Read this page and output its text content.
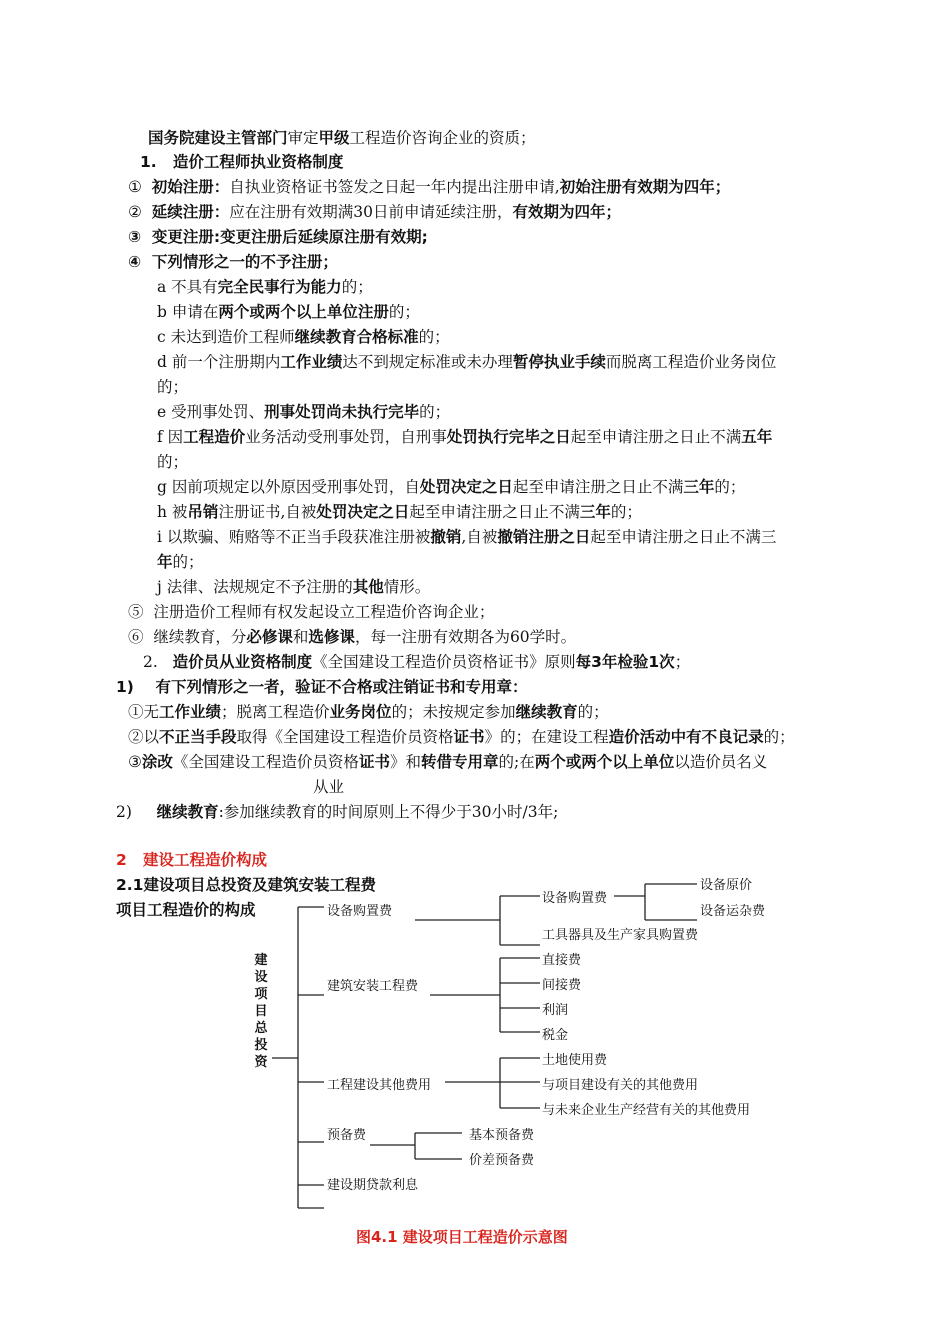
国务院建设主管部门审定甲级工程造价咨询企业的资质；
1. 造价工程师执业资格制度
① 初始注册：自执业资格证书签发之日起一年内提出注册申请,初始注册有效期为四年；
② 延续注册：应在注册有效期满30日前申请延续注册，有效期为四年；
③ 变更注册:变更注册后延续原注册有效期;
④ 下列情形之一的不予注册；
a 不具有完全民事行为能力的；
b 申请在两个或两个以上单位注册的；
c 未达到造价工程师继续教育合格标准的；
d 前一个注册期内工作业绩达不到规定标准或未办理暂停执业手续而脱离工程造价业务岗位
的；
e 受刑事处罚、刑事处罚尚未执行完毕的；
f 因工程造价业务活动受刑事处罚，自刑事处罚执行完毕之日起至申请注册之日止不满五年
的；
g 因前项规定以外原因受刑事处罚，自处罚决定之日起至申请注册之日止不满三年的；
h 被吊销注册证书,自被处罚决定之日起至申请注册之日止不满三年的；
i 以欺骗、贿赂等不正当手段获准注册被撤销,自被撤销注册之日起至申请注册之日止不满三
年的；
j 法律、法规规定不予注册的其他情形。
⑤ 注册造价工程师有权发起设立工程造价咨询企业；
⑥ 继续教育，分必修课和选修课，每一注册有效期各为60学时。
2. 造价员从业资格制度《全国建设工程造价员资格证书》原则每3年检验1次；
1) 有下列情形之一者，验证不合格或注销证书和专用章：
①无工作业绩；脱离工程造价业务岗位的；未按规定参加继续教育的；
②以不正当手段取得《全国建设工程造价员资格证书》的；在建设工程造价活动中有不良记录的；
③涂改《全国建设工程造价员资格证书》和转借专用章的;在两个或两个以上单位以造价员名义
从业
2) 继续教育:参加继续教育的时间原则上不得少于30小时/3年;
2 建设工程造价构成
2.1建设项目总投资及建筑安装工程费
项目工程造价的构成
建
设
项
目
总
投
资
设备购置费
设备购置费
设备原价
设备运杂费
工具器具及生产家具购置费
建筑安装工程费
直接费
间接费
利润
税金
工程建设其他费用
土地使用费
与项目建设有关的其他费用
与未来企业生产经营有关的其他费用
预备费	基本预备费
价差预备费
建设期贷款利息
图4.1 建设项目工程造价示意图
